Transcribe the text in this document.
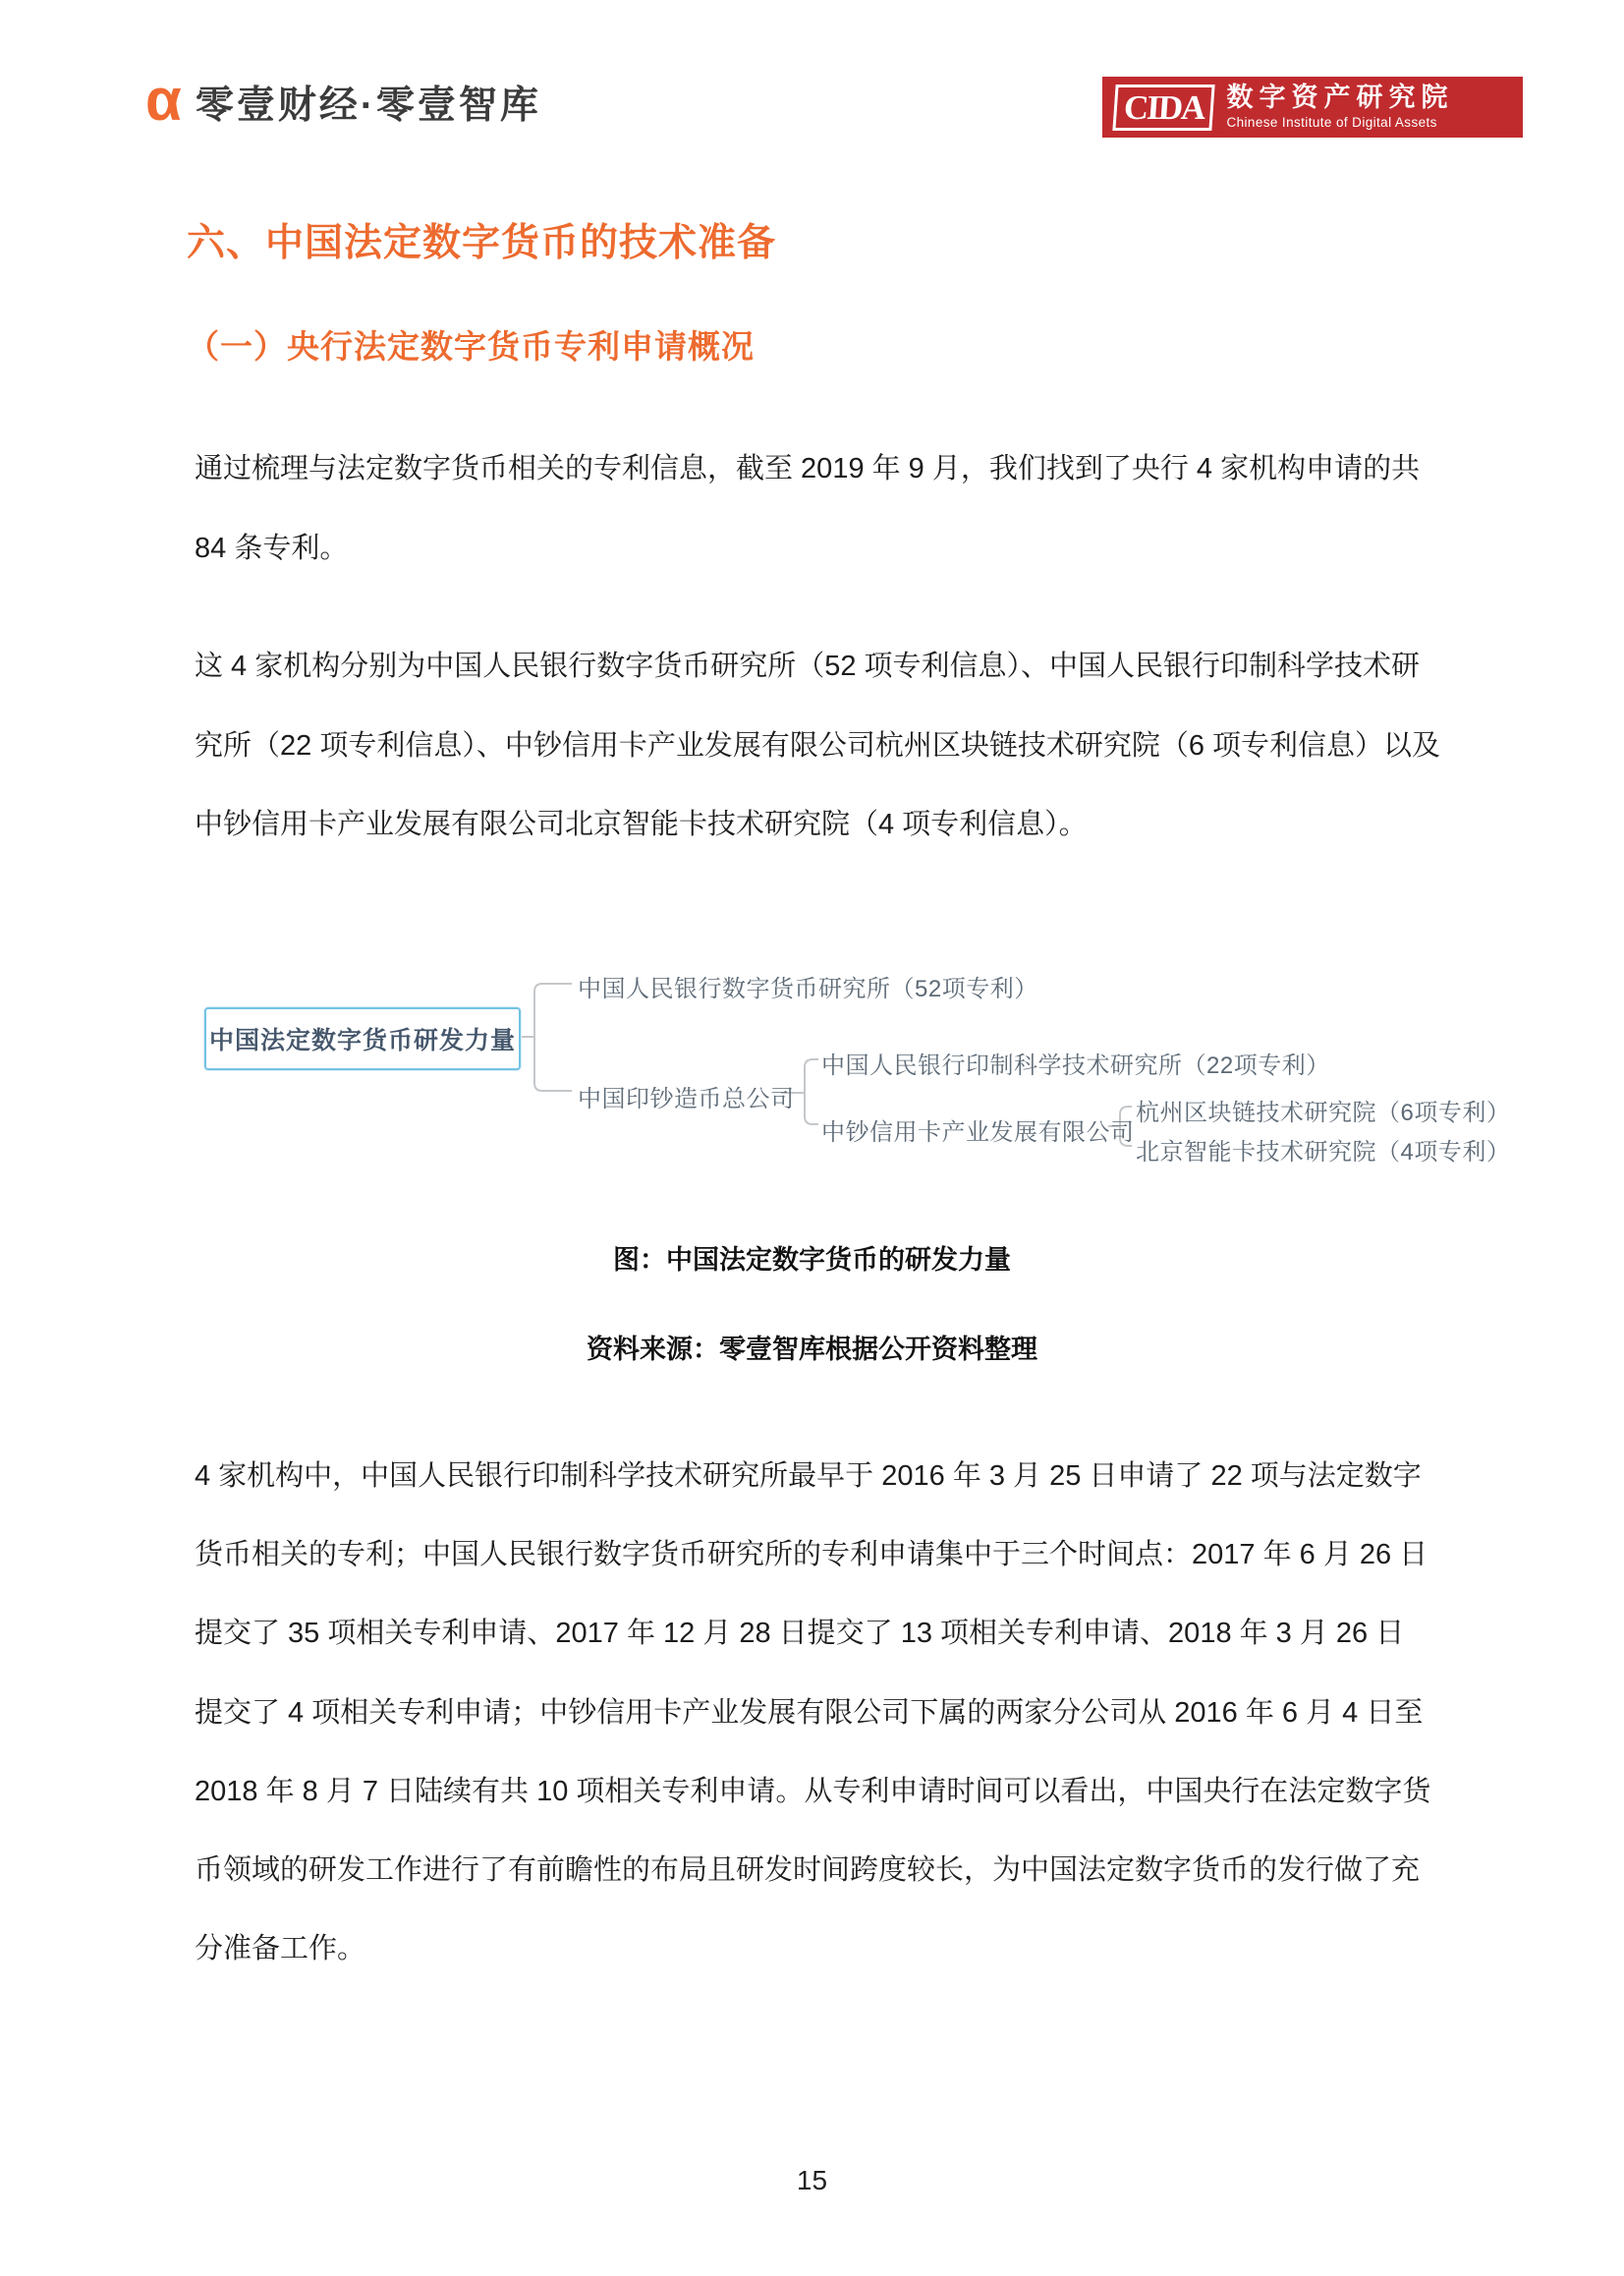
α 零壹财经·零壹智库	CIDA 数字资产研究院
Chinese Institute of Digital Assets
六、中国法定数字货币的技术准备
（一）央行法定数字货币专利申请概况
通过梳理与法定数字货币相关的专利信息，截至 2019 年 9 月，我们找到了央行 4 家机构申请的共
84 条专利。
这 4 家机构分别为中国人民银行数字货币研究所（52 项专利信息）、中国人民银行印制科学技术研
究所（22 项专利信息）、中钞信用卡产业发展有限公司杭州区块链技术研究院（6 项专利信息）以及
中钞信用卡产业发展有限公司北京智能卡技术研究院（4 项专利信息）。
中国法定数字货币研发力量
中国人民银行数字货币研究所（52项专利）
中国印钞造币总公司
中国人民银行印制科学技术研究所（22项专利）
中钞信用卡产业发展有限公司
杭州区块链技术研究院（6项专利）
北京智能卡技术研究院（4项专利）
图：中国法定数字货币的研发力量
资料来源：零壹智库根据公开资料整理
4 家机构中，中国人民银行印制科学技术研究所最早于 2016 年 3 月 25 日申请了 22 项与法定数字
货币相关的专利；中国人民银行数字货币研究所的专利申请集中于三个时间点：2017 年 6 月 26 日
提交了 35 项相关专利申请、2017 年 12 月 28 日提交了 13 项相关专利申请、2018 年 3 月 26 日
提交了 4 项相关专利申请；中钞信用卡产业发展有限公司下属的两家分公司从 2016 年 6 月 4 日至
2018 年 8 月 7 日陆续有共 10 项相关专利申请。从专利申请时间可以看出，中国央行在法定数字货
币领域的研发工作进行了有前瞻性的布局且研发时间跨度较长，为中国法定数字货币的发行做了充
分准备工作。
15
